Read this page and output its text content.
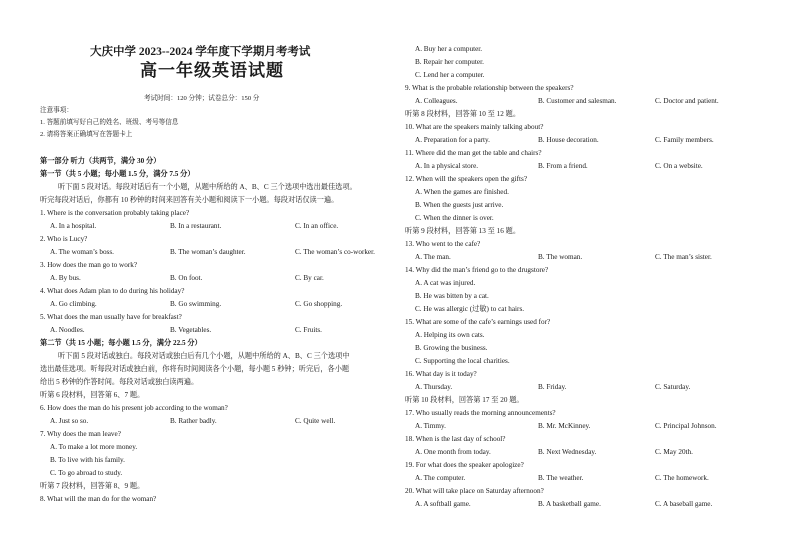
大庆中学 2023--2024 学年度下学期月考考试
高一年级英语试题
考试时间：120 分钟；试卷总分：150 分
注意事项：
1. 答题前填写好自己的姓名、班级、考号等信息
2. 请将答案正确填写在答题卡上
第一部分 听力（共两节，满分 30 分）
第一节（共 5 小题；每小题 1.5 分，满分 7.5 分）
听下面 5 段对话。每段对话后有一个小题，从题中所给的 A、B、C 三个选项中选出最佳选项。
听完每段对话后，你都有 10 秒钟的时间来回答有关小题和阅读下一小题。每段对话仅读一遍。
1. Where is the conversation probably taking place?
A. In a hospital.	B. In a restaurant.	C. In an office.
2. Who is Lucy?
A. The woman’s boss.	B. The woman’s daughter.	C. The woman’s co-worker.
3. How does the man go to work?
A. By bus.	B. On foot.	C. By car.
4. What does Adam plan to do during his holiday?
A. Go climbing.	B. Go swimming.	C. Go shopping.
5. What does the man usually have for breakfast?
A. Noodles.	B. Vegetables.	C. Fruits.
第二节（共 15 小题；每小题 1.5 分，满分 22.5 分）
听下面 5 段对话或独白。每段对话或独白后有几个小题，从题中所给的 A、B、C 三个选项中
选出最佳选项。听每段对话或独白前，你将有时间阅读各个小题，每小题 5 秒钟；听完后，各小题
给出 5 秒钟的作答时间。每段对话或独白读两遍。
听第 6 段材料，回答第 6、7 题。
6. How does the man do his present job according to the woman?
A. Just so so.	B. Rather badly.	C. Quite well.
7. Why does the man leave?
A. To make a lot more money.
B. To live with his family.
C. To go abroad to study.
听第 7 段材料，回答第 8、9 题。
8. What will the man do for the woman?
A. Buy her a computer.
B. Repair her computer.
C. Lend her a computer.
9. What is the probable relationship between the speakers?
A. Colleagues.	B. Customer and salesman.	C. Doctor and patient.
听第 8 段材料，回答第 10 至 12 题。
10. What are the speakers mainly talking about?
A. Preparation for a party.	B. House decoration.	C. Family members.
11. Where did the man get the table and chairs?
A. In a physical store.	B. From a friend.	C. On a website.
12. When will the speakers open the gifts?
A. When the games are finished.
B. When the guests just arrive.
C. When the dinner is over.
听第 9 段材料，回答第 13 至 16 题。
13. Who went to the cafe?
A. The man.	B. The woman.	C. The man’s sister.
14. Why did the man’s friend go to the drugstore?
A. A cat was injured.
B. He was bitten by a cat.
C. He was allergic (过敏) to cat hairs.
15. What are some of the cafe’s earnings used for?
A. Helping its own cats.
B. Growing the business.
C. Supporting the local charities.
16. What day is it today?
A. Thursday.	B. Friday.	C. Saturday.
听第 10 段材料，回答第 17 至 20 题。
17. Who usually reads the morning announcements?
A. Timmy.	B. Mr. McKinney.	C. Principal Johnson.
18. When is the last day of school?
A. One month from today.	B. Next Wednesday.	C. May 20th.
19. For what does the speaker apologize?
A. The computer.	B. The weather.	C. The homework.
20. What will take place on Saturday afternoon?
A. A softball game.	B. A basketball game.	C. A baseball game.
